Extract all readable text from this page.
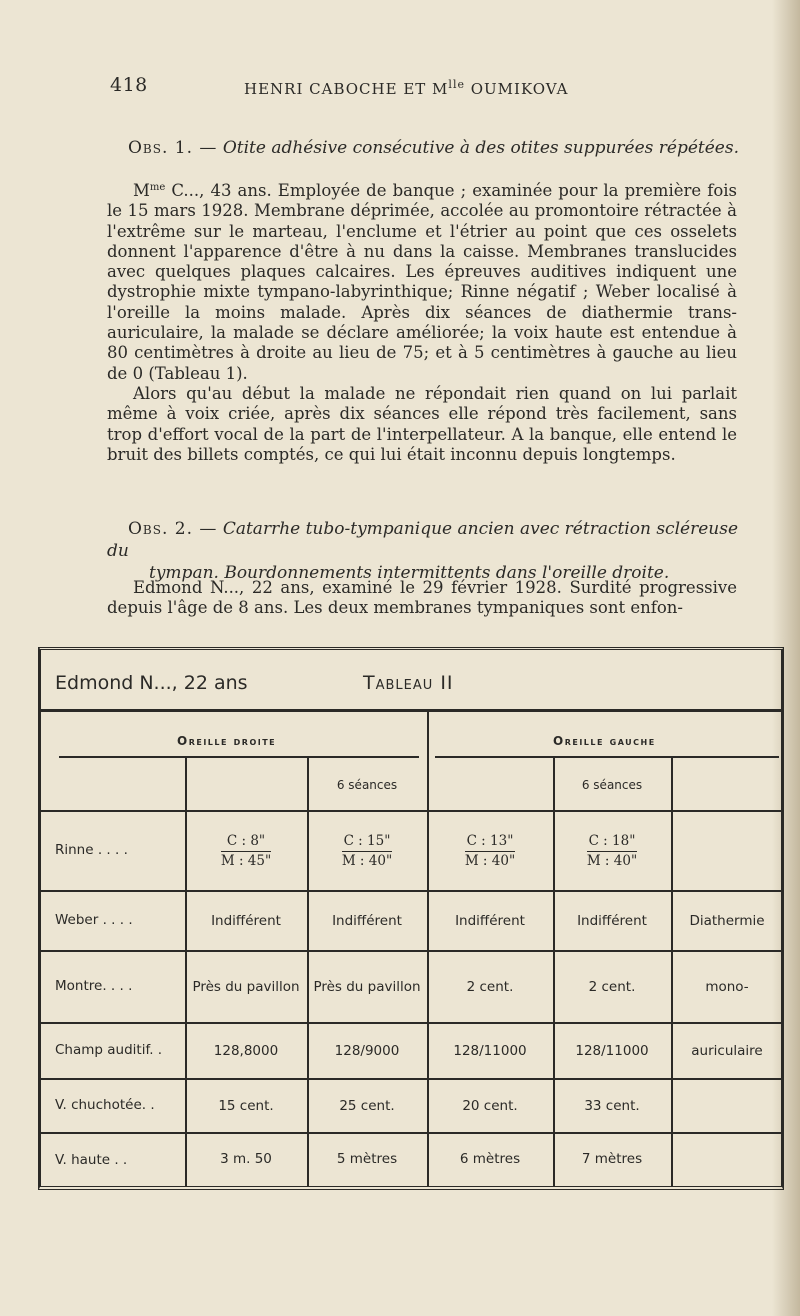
418	HENRI CABOCHE ET $M^{lle}$ OUMIKOVA
Obs. 1. — Otite adhésive consécutive à des otites suppurées répétées.

$M^{me}$ C..., 43 ans. Employée de banque ; examinée pour la première fois le 15 mars 1928. Membrane déprimée, accolée au promontoire rétractée à l'extrême sur le marteau, l'enclume et l'étrier au point que ces osselets donnent l'apparence d'être à nu dans la caisse. Membranes translucides avec quelques plaques calcaires. Les épreuves auditives indiquent une dystrophie mixte tympano-labyrinthique; Rinne négatif ; Weber localisé à l'oreille la moins malade. Après dix séances de diathermie trans-auriculaire, la malade se déclare améliorée; la voix haute est entendue à 80 centimètres à droite au lieu de 75; et à 5 centimètres à gauche au lieu de 0 (Tableau 1).

Alors qu'au début la malade ne répondait rien quand on lui parlait même à voix criée, après dix séances elle répond très facilement, sans trop d'effort vocal de la part de l'interpellateur. A la banque, elle entend le bruit des billets comptés, ce qui lui était inconnu depuis longtemps.

Obs. 2. — Catarrhe tubo-tympanique ancien avec rétraction scléreuse du
tympan. Bourdonnements intermittents dans l'oreille droite.

Edmond N..., 22 ans, examiné le 29 février 1928. Surdité progressive depuis l'âge de 8 ans. Les deux membranes tympaniques sont enfon-

Edmond N..., 22 ans	Tableau II
Oreille droite	Oreille gauche
6 séances	6 séances
Rinne . . . .	$\frac{C : 8"}{M : 45"}$	$\frac{C : 15"}{M : 40"}$	$\frac{C : 13"}{M : 40"}$	$\frac{C : 18"}{M : 40"}$
Weber . . . .	Indifférent	Indifférent	Indifférent	Indifférent	Diathermie
Montre. . . .	Près du pavillon	Près du pavillon	2 cent.	2 cent.	mono-
Champ auditif. .	128,8000	128/9000	128/11000	128/11000	auriculaire
V. chuchotée. .	15 cent.	25 cent.	20 cent.	33 cent.
V. haute . .	3 m. 50	5 mètres	6 mètres	7 mètres
